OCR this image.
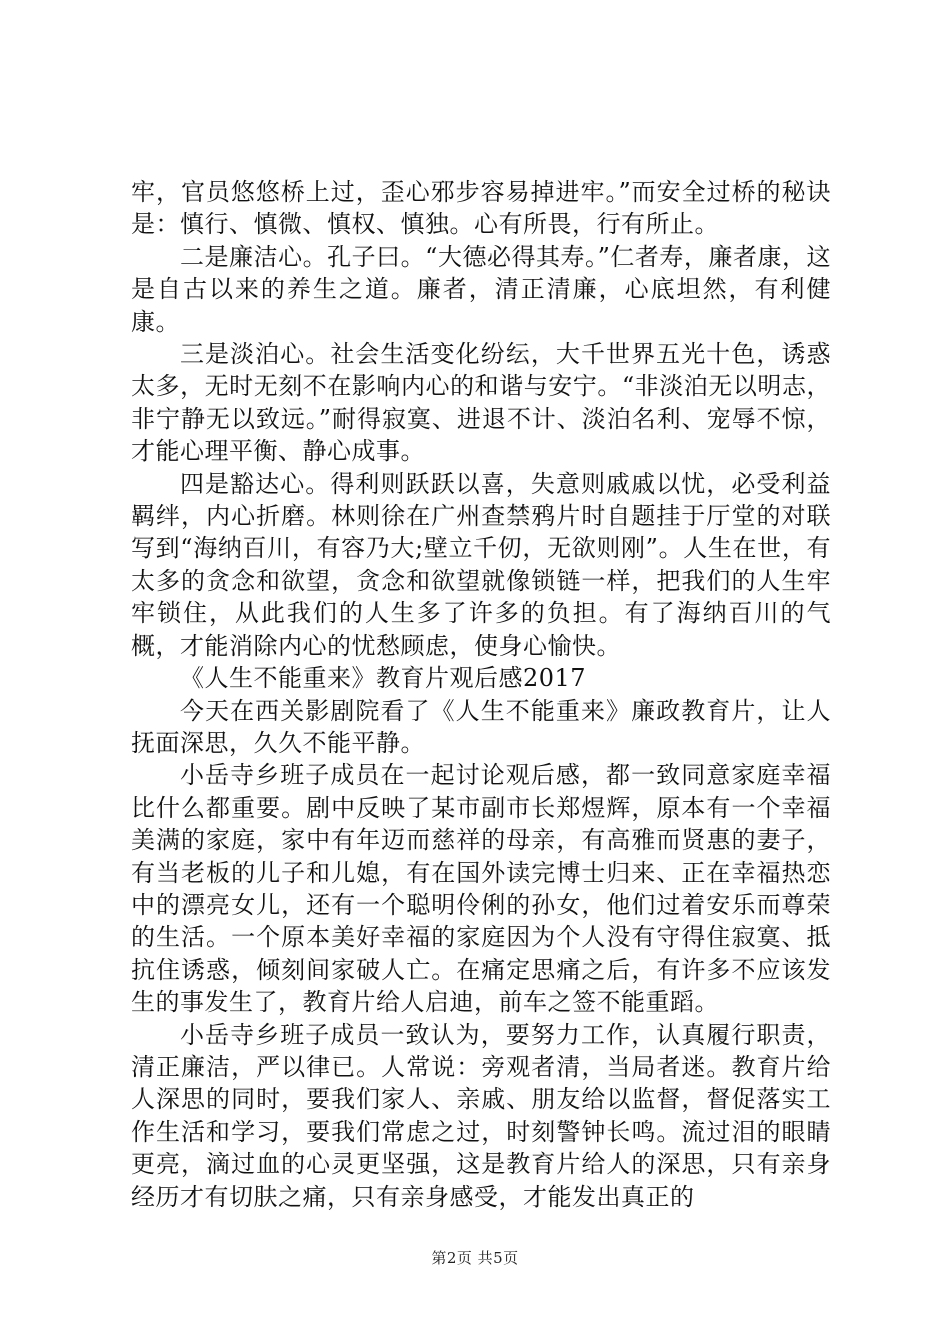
牢，官员悠悠桥上过，歪心邪步容易掉进牢。”而安全过桥的秘诀是：慎行、慎微、慎权、慎独。心有所畏，行有所止。

二是廉洁心。孔子曰。“大德必得其寿。”仁者寿，廉者康，这是自古以来的养生之道。廉者，清正清廉，心底坦然，有利健康。

三是淡泊心。社会生活变化纷纭，大千世界五光十色，诱惑太多，无时无刻不在影响内心的和谐与安宁。“非淡泊无以明志，非宁静无以致远。”耐得寂寞、进退不计、淡泊名利、宠辱不惊，才能心理平衡、静心成事。

四是豁达心。得利则跃跃以喜，失意则戚戚以忧，必受利益羁绊，内心折磨。林则徐在广州查禁鸦片时自题挂于厅堂的对联写到“海纳百川，有容乃大;壁立千仞，无欲则刚”。人生在世，有太多的贪念和欲望，贪念和欲望就像锁链一样，把我们的人生牢牢锁住，从此我们的人生多了许多的负担。有了海纳百川的气概，才能消除内心的忧愁顾虑，使身心愉快。

《人生不能重来》教育片观后感2017

今天在西关影剧院看了《人生不能重来》廉政教育片，让人抚面深思，久久不能平静。

小岳寺乡班子成员在一起讨论观后感，都一致同意家庭幸福比什么都重要。剧中反映了某市副市长郑煜辉，原本有一个幸福美满的家庭，家中有年迈而慈祥的母亲，有高雅而贤惠的妻子，有当老板的儿子和儿媳，有在国外读完博士归来、正在幸福热恋中的漂亮女儿，还有一个聪明伶俐的孙女，他们过着安乐而尊荣的生活。一个原本美好幸福的家庭因为个人没有守得住寂寞、抵抗住诱惑，倾刻间家破人亡。在痛定思痛之后，有许多不应该发生的事发生了，教育片给人启迪，前车之签不能重蹈。

小岳寺乡班子成员一致认为，要努力工作，认真履行职责，清正廉洁，严以律已。人常说：旁观者清，当局者迷。教育片给人深思的同时，要我们家人、亲戚、朋友给以监督，督促落实工作生活和学习，要我们常虑之过，时刻警钟长鸣。流过泪的眼睛更亮，滴过血的心灵更坚强，这是教育片给人的深思，只有亲身经历才有切肤之痛，只有亲身感受，才能发出真正的

第2页 共5页
